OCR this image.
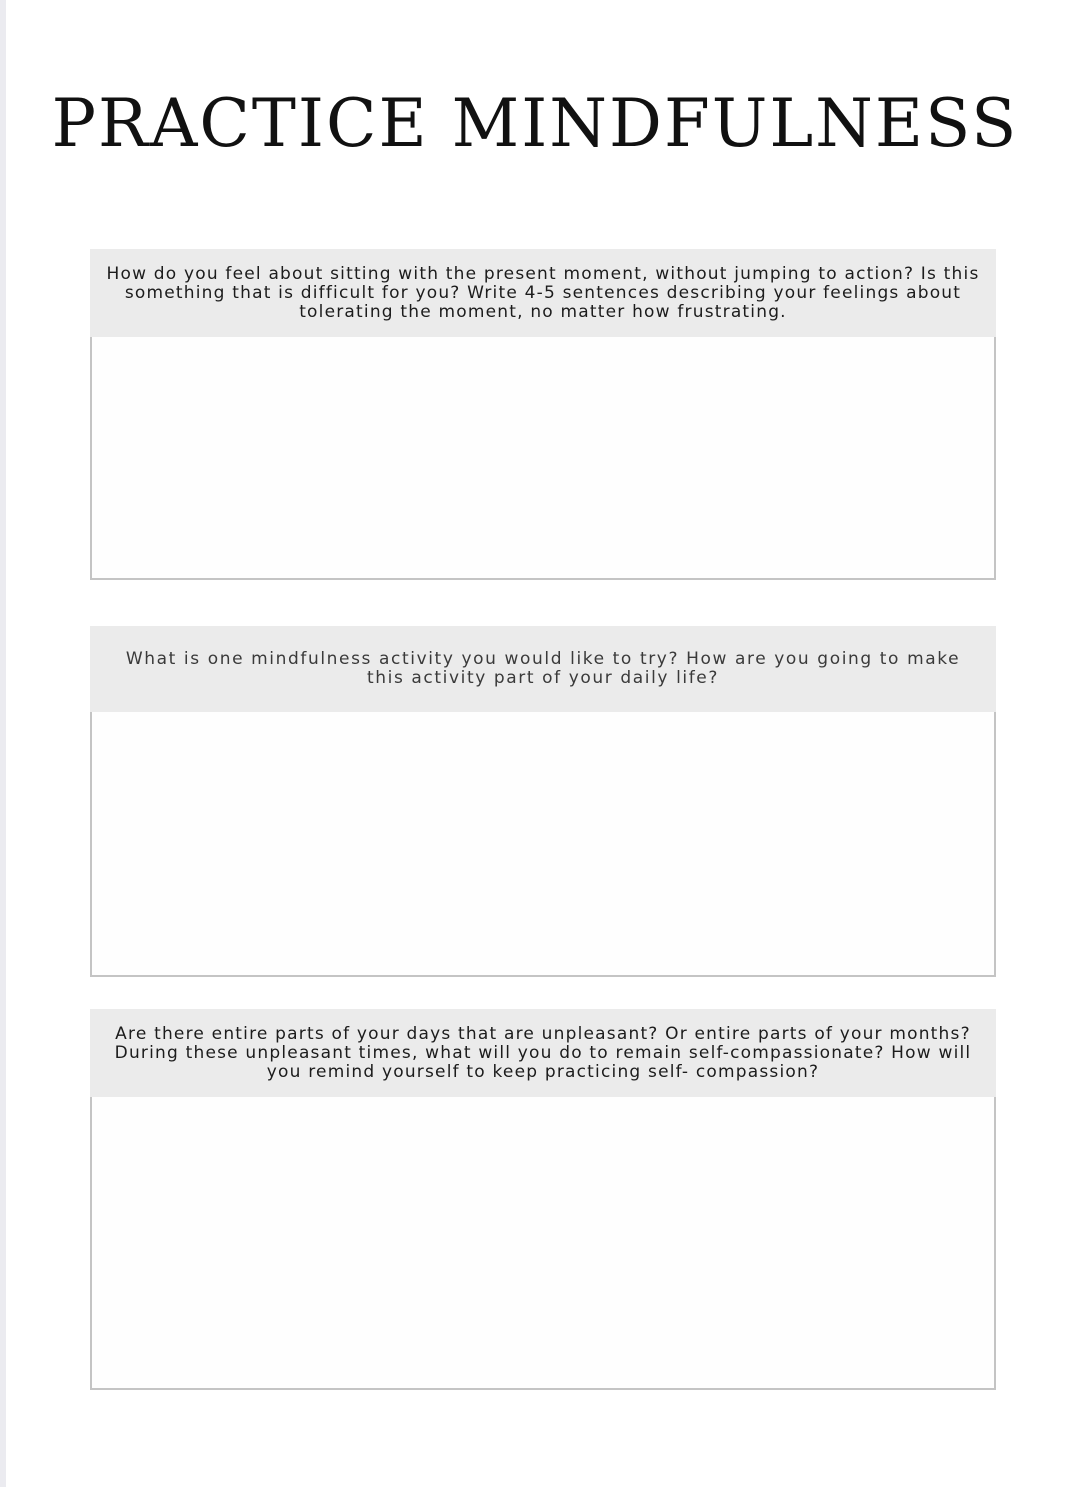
PRACTICE MINDFULNESS

How do you feel about sitting with the present moment, without jumping to action? Is this something that is difficult for you? Write 4-5 sentences describing your feelings about tolerating the moment, no matter how frustrating.

What is one mindfulness activity you would like to try? How are you going to make this activity part of your daily life?

Are there entire parts of your days that are unpleasant? Or entire parts of your months? During these unpleasant times, what will you do to remain self-compassionate? How will you remind yourself to keep practicing self- compassion?
